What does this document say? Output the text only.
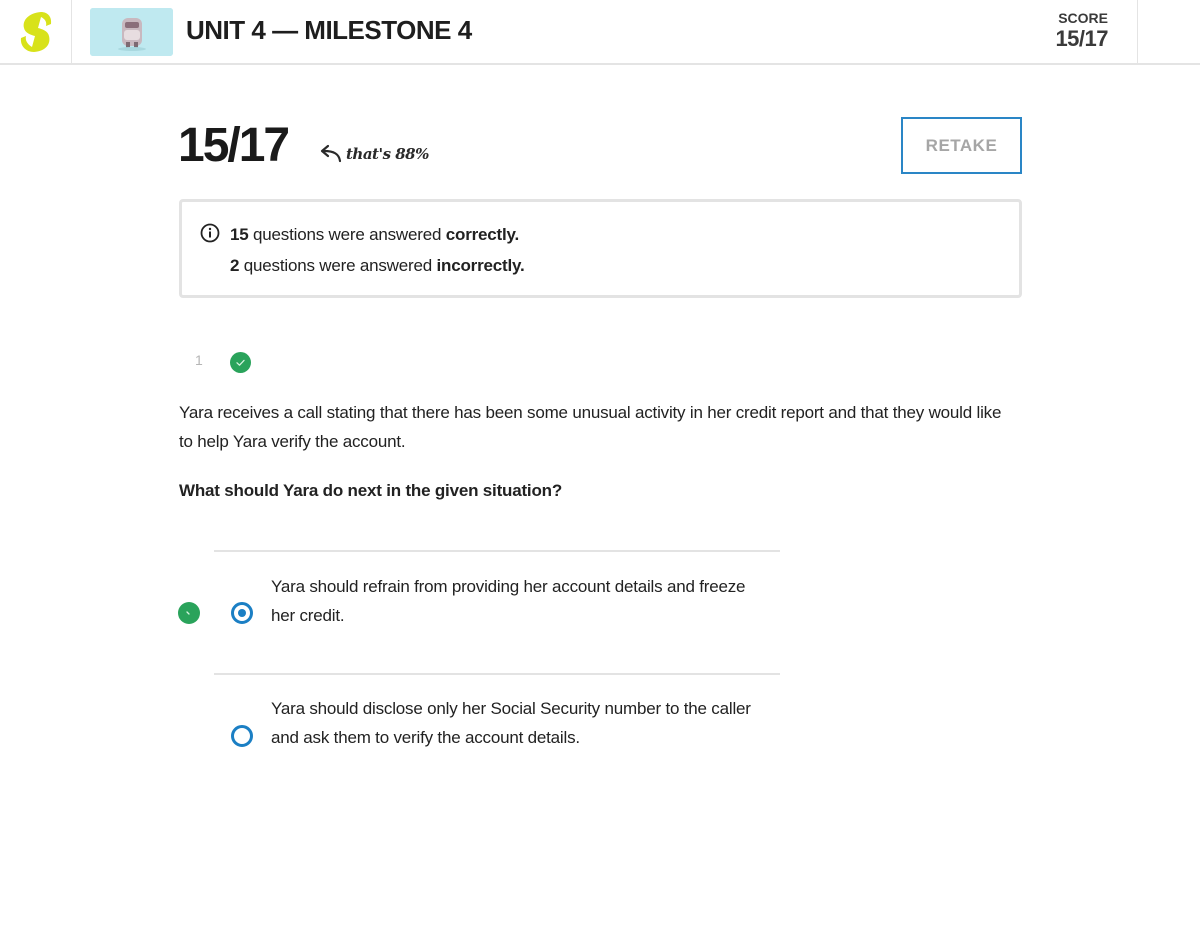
UNIT 4 — MILESTONE 4	SCORE
15/17
15/17	that's 88%	RETAKE
15 questions were answered correctly.
2 questions were answered incorrectly.
1
Yara receives a call stating that there has been some unusual activity in her credit report and that they would like to help Yara verify the account.
What should Yara do next in the given situation?
Yara should refrain from providing her account details and freeze her credit.
Yara should disclose only her Social Security number to the caller and ask them to verify the account details.
